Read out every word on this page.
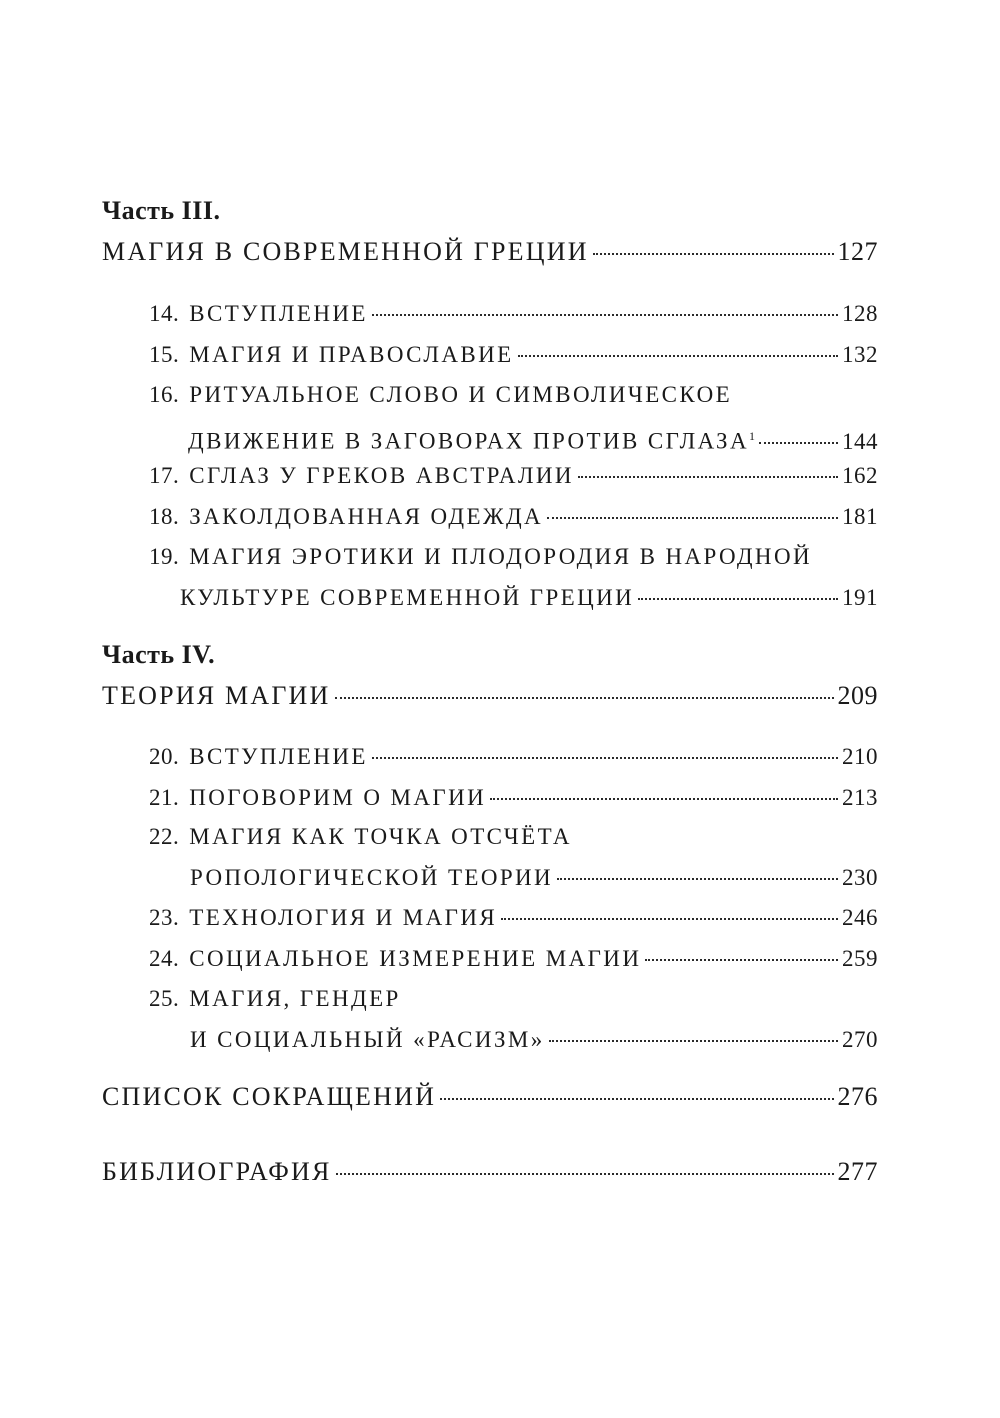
Часть III.
МАГИЯ В СОВРЕМЕННОЙ ГРЕЦИИ	127
14. ВСТУПЛЕНИЕ	128
15. МАГИЯ И ПРАВОСЛАВИЕ	132
16. РИТУАЛЬНОЕ СЛОВО И СИМВОЛИЧЕСКОЕ
ДВИЖЕНИЕ В ЗАГОВОРАХ ПРОТИВ СГЛАЗА$^1$	144
17. СГЛАЗ У ГРЕКОВ АВСТРАЛИИ	162
18. ЗАКОЛДОВАННАЯ ОДЕЖДА	181
19. МАГИЯ ЭРОТИКИ И ПЛОДОРОДИЯ В НАРОДНОЙ
КУЛЬТУРЕ СОВРЕМЕННОЙ ГРЕЦИИ	191
Часть IV.
ТЕОРИЯ МАГИИ	209
20. ВСТУПЛЕНИЕ	210
21. ПОГОВОРИМ О МАГИИ	213
22. МАГИЯ КАК ТОЧКА ОТСЧЁТА
РОПОЛОГИЧЕСКОЙ ТЕОРИИ	230
23. ТЕХНОЛОГИЯ И МАГИЯ	246
24. СОЦИАЛЬНОЕ ИЗМЕРЕНИЕ МАГИИ	259
25. МАГИЯ, ГЕНДЕР
И СОЦИАЛЬНЫЙ «РАСИЗМ»	270
СПИСОК СОКРАЩЕНИЙ	276
БИБЛИОГРАФИЯ	277
